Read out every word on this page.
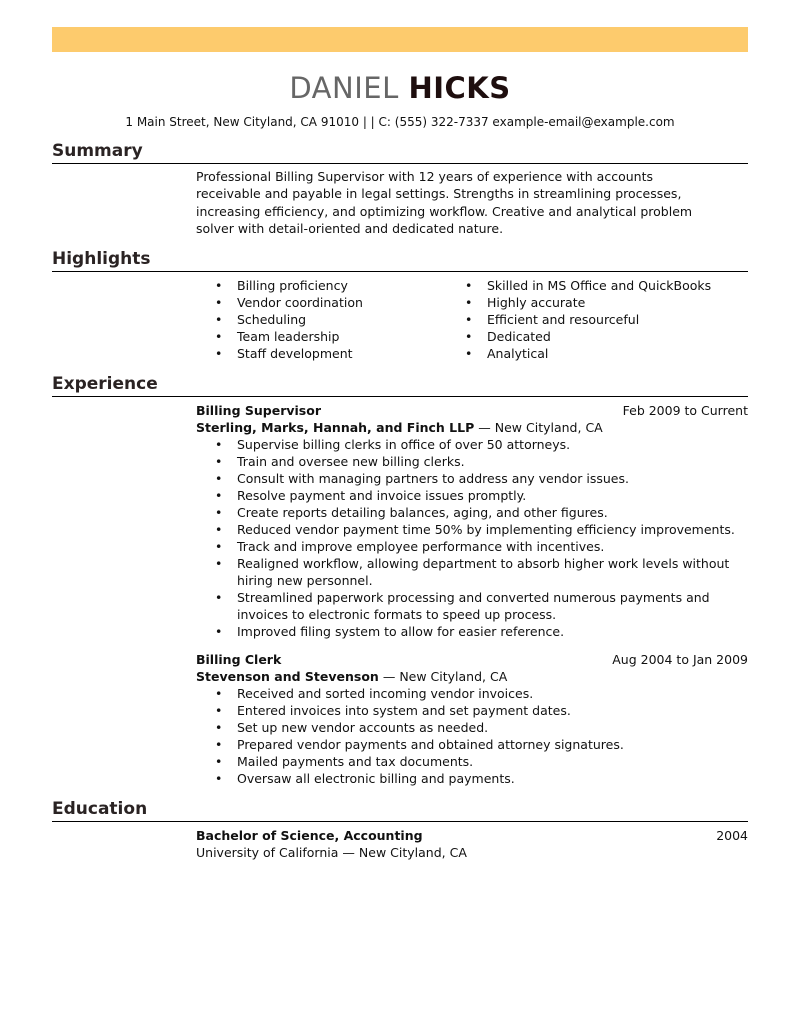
DANIEL HICKS
1 Main Street, New Cityland, CA 91010 | | C: (555) 322-7337 example-email@example.com
Summary
Professional Billing Supervisor with 12 years of experience with accounts receivable and payable in legal settings. Strengths in streamlining processes, increasing efficiency, and optimizing workflow. Creative and analytical problem solver with detail-oriented and dedicated nature.
Highlights
• Billing proficiency
• Vendor coordination
• Scheduling
• Team leadership
• Staff development
• Skilled in MS Office and QuickBooks
• Highly accurate
• Efficient and resourceful
• Dedicated
• Analytical
Experience
Billing Supervisor	Feb 2009 to Current
Sterling, Marks, Hannah, and Finch LLP — New Cityland, CA
• Supervise billing clerks in office of over 50 attorneys.
• Train and oversee new billing clerks.
• Consult with managing partners to address any vendor issues.
• Resolve payment and invoice issues promptly.
• Create reports detailing balances, aging, and other figures.
• Reduced vendor payment time 50% by implementing efficiency improvements.
• Track and improve employee performance with incentives.
• Realigned workflow, allowing department to absorb higher work levels without hiring new personnel.
• Streamlined paperwork processing and converted numerous payments and invoices to electronic formats to speed up process.
• Improved filing system to allow for easier reference.
Billing Clerk	Aug 2004 to Jan 2009
Stevenson and Stevenson — New Cityland, CA
• Received and sorted incoming vendor invoices.
• Entered invoices into system and set payment dates.
• Set up new vendor accounts as needed.
• Prepared vendor payments and obtained attorney signatures.
• Mailed payments and tax documents.
• Oversaw all electronic billing and payments.
Education
Bachelor of Science, Accounting	2004
University of California — New Cityland, CA
